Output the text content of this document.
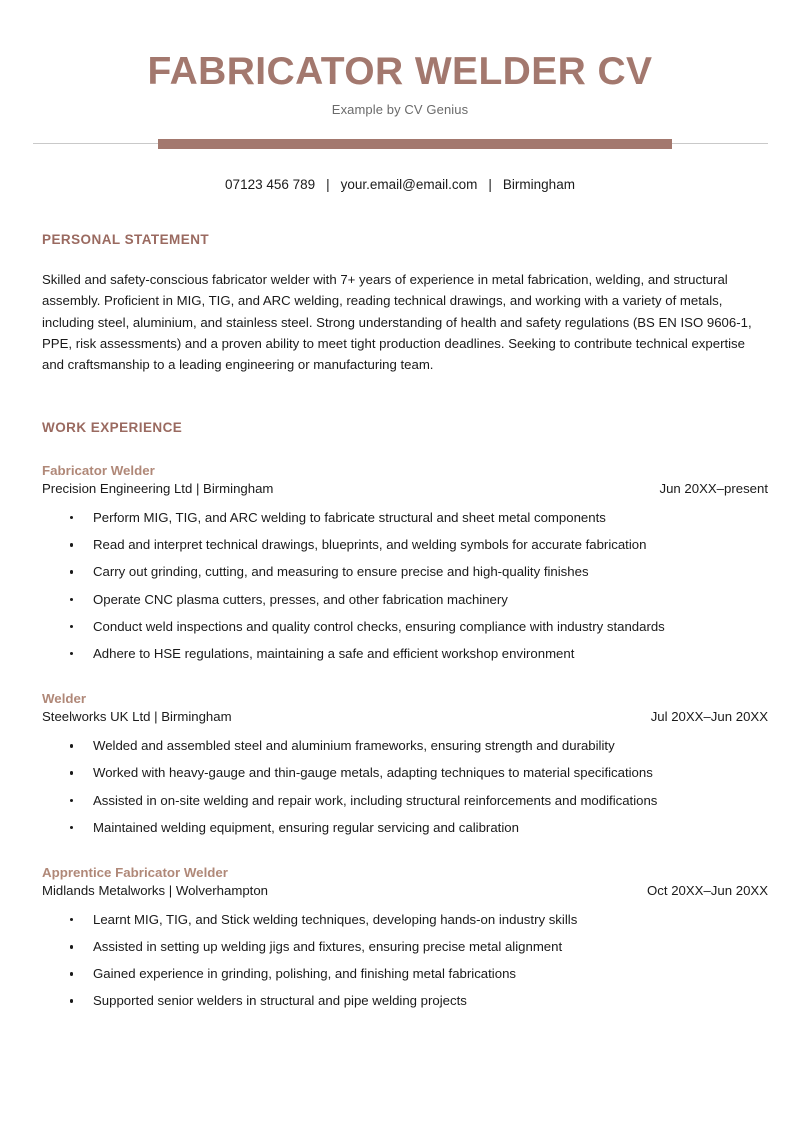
FABRICATOR WELDER CV
Example by CV Genius
07123 456 789 | your.email@email.com | Birmingham
PERSONAL STATEMENT
Skilled and safety-conscious fabricator welder with 7+ years of experience in metal fabrication, welding, and structural assembly. Proficient in MIG, TIG, and ARC welding, reading technical drawings, and working with a variety of metals, including steel, aluminium, and stainless steel. Strong understanding of health and safety regulations (BS EN ISO 9606-1, PPE, risk assessments) and a proven ability to meet tight production deadlines. Seeking to contribute technical expertise and craftsmanship to a leading engineering or manufacturing team.
WORK EXPERIENCE
Fabricator Welder
Precision Engineering Ltd | Birmingham	Jun 20XX–present
Perform MIG, TIG, and ARC welding to fabricate structural and sheet metal components
Read and interpret technical drawings, blueprints, and welding symbols for accurate fabrication
Carry out grinding, cutting, and measuring to ensure precise and high-quality finishes
Operate CNC plasma cutters, presses, and other fabrication machinery
Conduct weld inspections and quality control checks, ensuring compliance with industry standards
Adhere to HSE regulations, maintaining a safe and efficient workshop environment
Welder
Steelworks UK Ltd | Birmingham	Jul 20XX–Jun 20XX
Welded and assembled steel and aluminium frameworks, ensuring strength and durability
Worked with heavy-gauge and thin-gauge metals, adapting techniques to material specifications
Assisted in on-site welding and repair work, including structural reinforcements and modifications
Maintained welding equipment, ensuring regular servicing and calibration
Apprentice Fabricator Welder
Midlands Metalworks | Wolverhampton	Oct 20XX–Jun 20XX
Learnt MIG, TIG, and Stick welding techniques, developing hands-on industry skills
Assisted in setting up welding jigs and fixtures, ensuring precise metal alignment
Gained experience in grinding, polishing, and finishing metal fabrications
Supported senior welders in structural and pipe welding projects
